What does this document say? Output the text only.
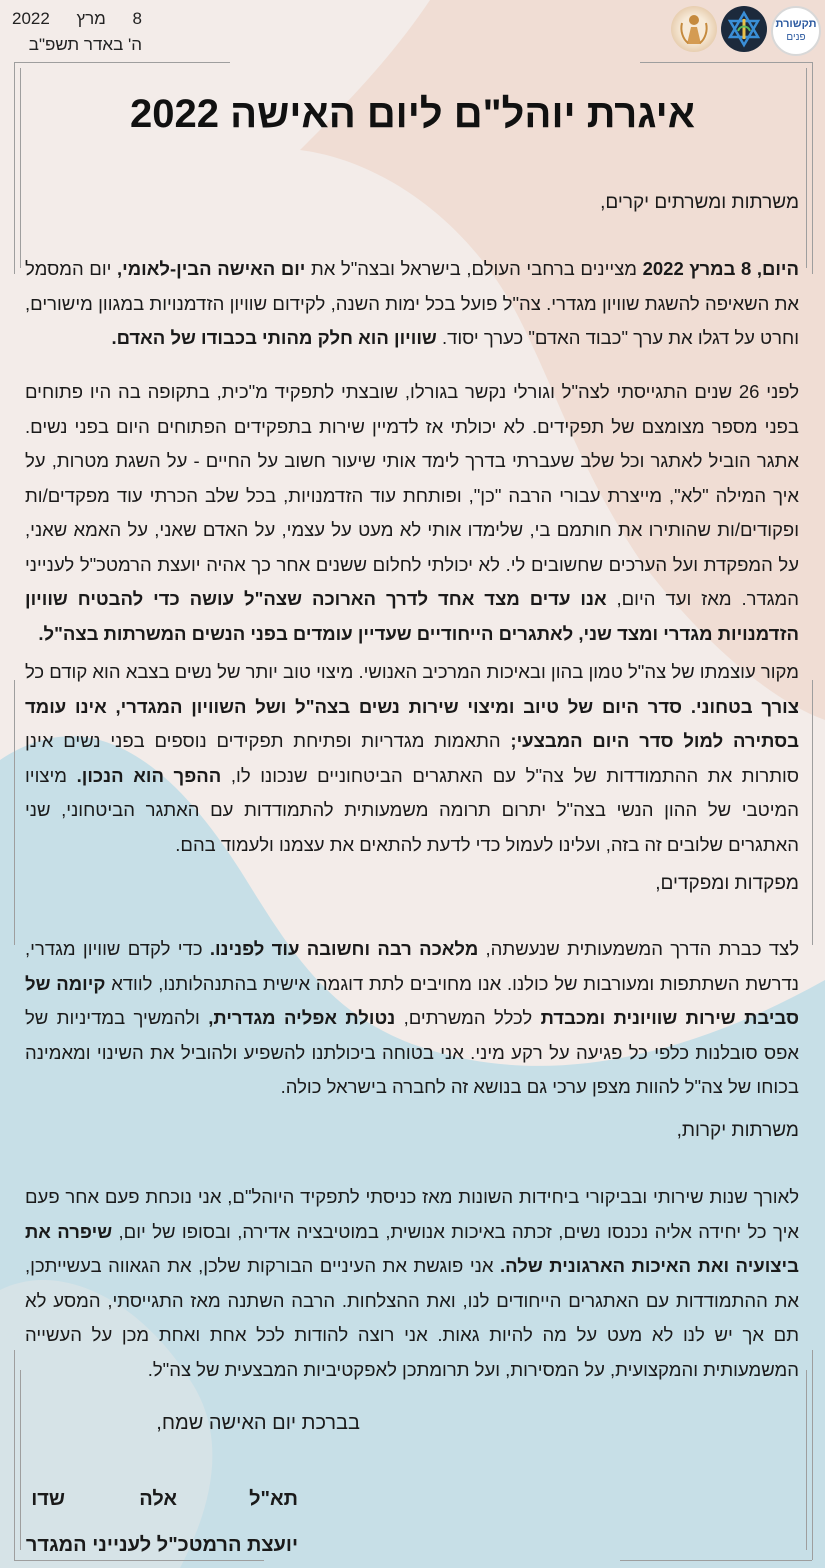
2022 מרץ 8
ה' באדר תשפ"ב
תקשורת
פנים
איגרת יוהל"ם ליום האישה 2022
משרתות ומשרתים יקרים,

היום, 8 במרץ 2022 מציינים ברחבי העולם, בישראל ובצה"ל את יום האישה הבין-לאומי, יום המסמל את השאיפה להשגת שוויון מגדרי. צה"ל פועל בכל ימות השנה, לקידום שוויון הזדמנויות במגוון מישורים, וחרט על דגלו את ערך "כבוד האדם" כערך יסוד. שוויון הוא חלק מהותי בכבודו של האדם.

לפני 26 שנים התגייסתי לצה"ל וגורלי נקשר בגורלו, שובצתי לתפקיד מ"כית, בתקופה בה היו פתוחים בפני מספר מצומצם של תפקידים. לא יכולתי אז לדמיין שירות בתפקידים הפתוחים היום בפני נשים. אתגר הוביל לאתגר וכל שלב שעברתי בדרך לימד אותי שיעור חשוב על החיים - על השגת מטרות, על איך המילה "לא", מייצרת עבורי הרבה "כן", ופותחת עוד הזדמנויות, בכל שלב הכרתי עוד מפקדים/ות ופקודים/ות שהותירו את חותמם בי, שלימדו אותי לא מעט על עצמי, על האדם שאני, על האמא שאני, על המפקדת ועל הערכים שחשובים לי. לא יכולתי לחלום ששנים אחר כך אהיה יועצת הרמטכ"ל לענייני המגדר. מאז ועד היום, אנו עדים מצד אחד לדרך הארוכה שצה"ל עושה כדי להבטיח שוויון הזדמנויות מגדרי ומצד שני, לאתגרים הייחודיים שעדיין עומדים בפני הנשים המשרתות בצה"ל.

מקור עוצמתו של צה"ל טמון בהון ובאיכות המרכיב האנושי. מיצוי טוב יותר של נשים בצבא הוא קודם כל צורך בטחוני. סדר היום של טיוב ומיצוי שירות נשים בצה"ל ושל השוויון המגדרי, אינו עומד בסתירה למול סדר היום המבצעי; התאמות מגדריות ופתיחת תפקידים נוספים בפני נשים אינן סותרות את ההתמודדות של צה"ל עם האתגרים הביטחוניים שנכונו לו, ההפך הוא הנכון. מיצויו המיטבי של ההון הנשי בצה"ל יתרום תרומה משמעותית להתמודדות עם האתגר הביטחוני, שני האתגרים שלובים זה בזה, ועלינו לעמול כדי לדעת להתאים את עצמנו ולעמוד בהם.

מפקדות ומפקדים,

לצד כברת הדרך המשמעותית שנעשתה, מלאכה רבה וחשובה עוד לפנינו. כדי לקדם שוויון מגדרי, נדרשת השתתפות ומעורבות של כולנו. אנו מחויבים לתת דוגמה אישית בהתנהלותנו, לוודא קיומה של סביבת שירות שוויונית ומכבדת לכלל המשרתים, נטולת אפליה מגדרית, ולהמשיך במדיניות של אפס סובלנות כלפי כל פגיעה על רקע מיני. אני בטוחה ביכולתנו להשפיע ולהוביל את השינוי ומאמינה בכוחו של צה"ל להוות מצפן ערכי גם בנושא זה לחברה בישראל כולה.

משרתות יקרות,

לאורך שנות שירותי ובביקורי ביחידות השונות מאז כניסתי לתפקיד היוהל"ם, אני נוכחת פעם אחר פעם איך כל יחידה אליה נכנסו נשים, זכתה באיכות אנושית, במוטיבציה אדירה, ובסופו של יום, שיפרה את ביצועיה ואת האיכות הארגונית שלה. אני פוגשת את העיניים הבורקות שלכן, את הגאווה בעשייתכן, את ההתמודדות עם האתגרים הייחודים לנו, ואת ההצלחות. הרבה השתנה מאז התגייסתי, המסע לא תם אך יש לנו לא מעט על מה להיות גאות. אני רוצה להודות לכל אחת ואחת מכן על העשייה המשמעותית והמקצועית, על המסירות, ועל תרומתכן לאפקטיביות המבצעית של צה"ל.

בברכת יום האישה שמח,
תא"ל
אלה
שדו
יועצת הרמטכ"ל לענייני המגדר
